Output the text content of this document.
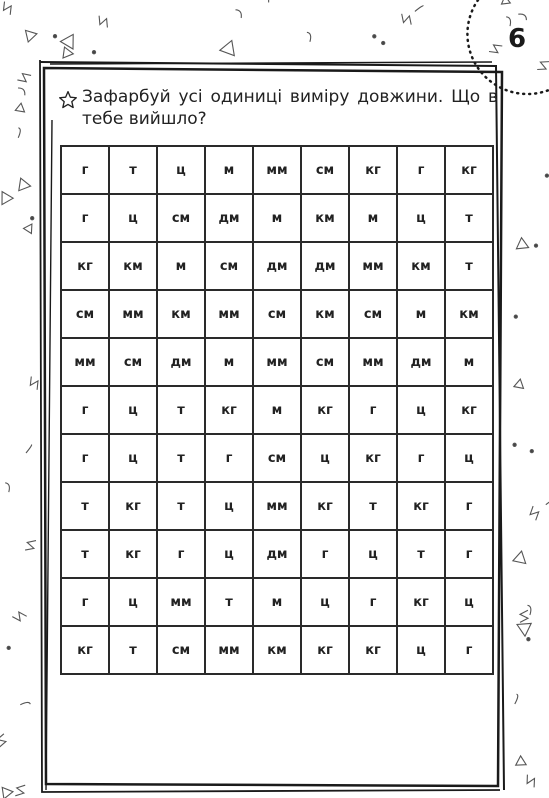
6

Зафарбуй усі одиниці виміру довжини. Що в тебе вийшло?

г	т	ц	м	мм	см	кг	г	кг
г	ц	см	дм	м	км	м	ц	т
кг	км	м	см	дм	дм	мм	км	т
см	мм	км	мм	см	км	см	м	км
мм	см	дм	м	мм	см	мм	дм	м
г	ц	т	кг	м	кг	г	ц	кг
г	ц	т	г	см	ц	кг	г	ц
т	кг	т	ц	мм	кг	т	кг	г
т	кг	г	ц	дм	г	ц	т	г
г	ц	мм	т	м	ц	г	кг	ц
кг	т	см	мм	км	кг	кг	ц	г
